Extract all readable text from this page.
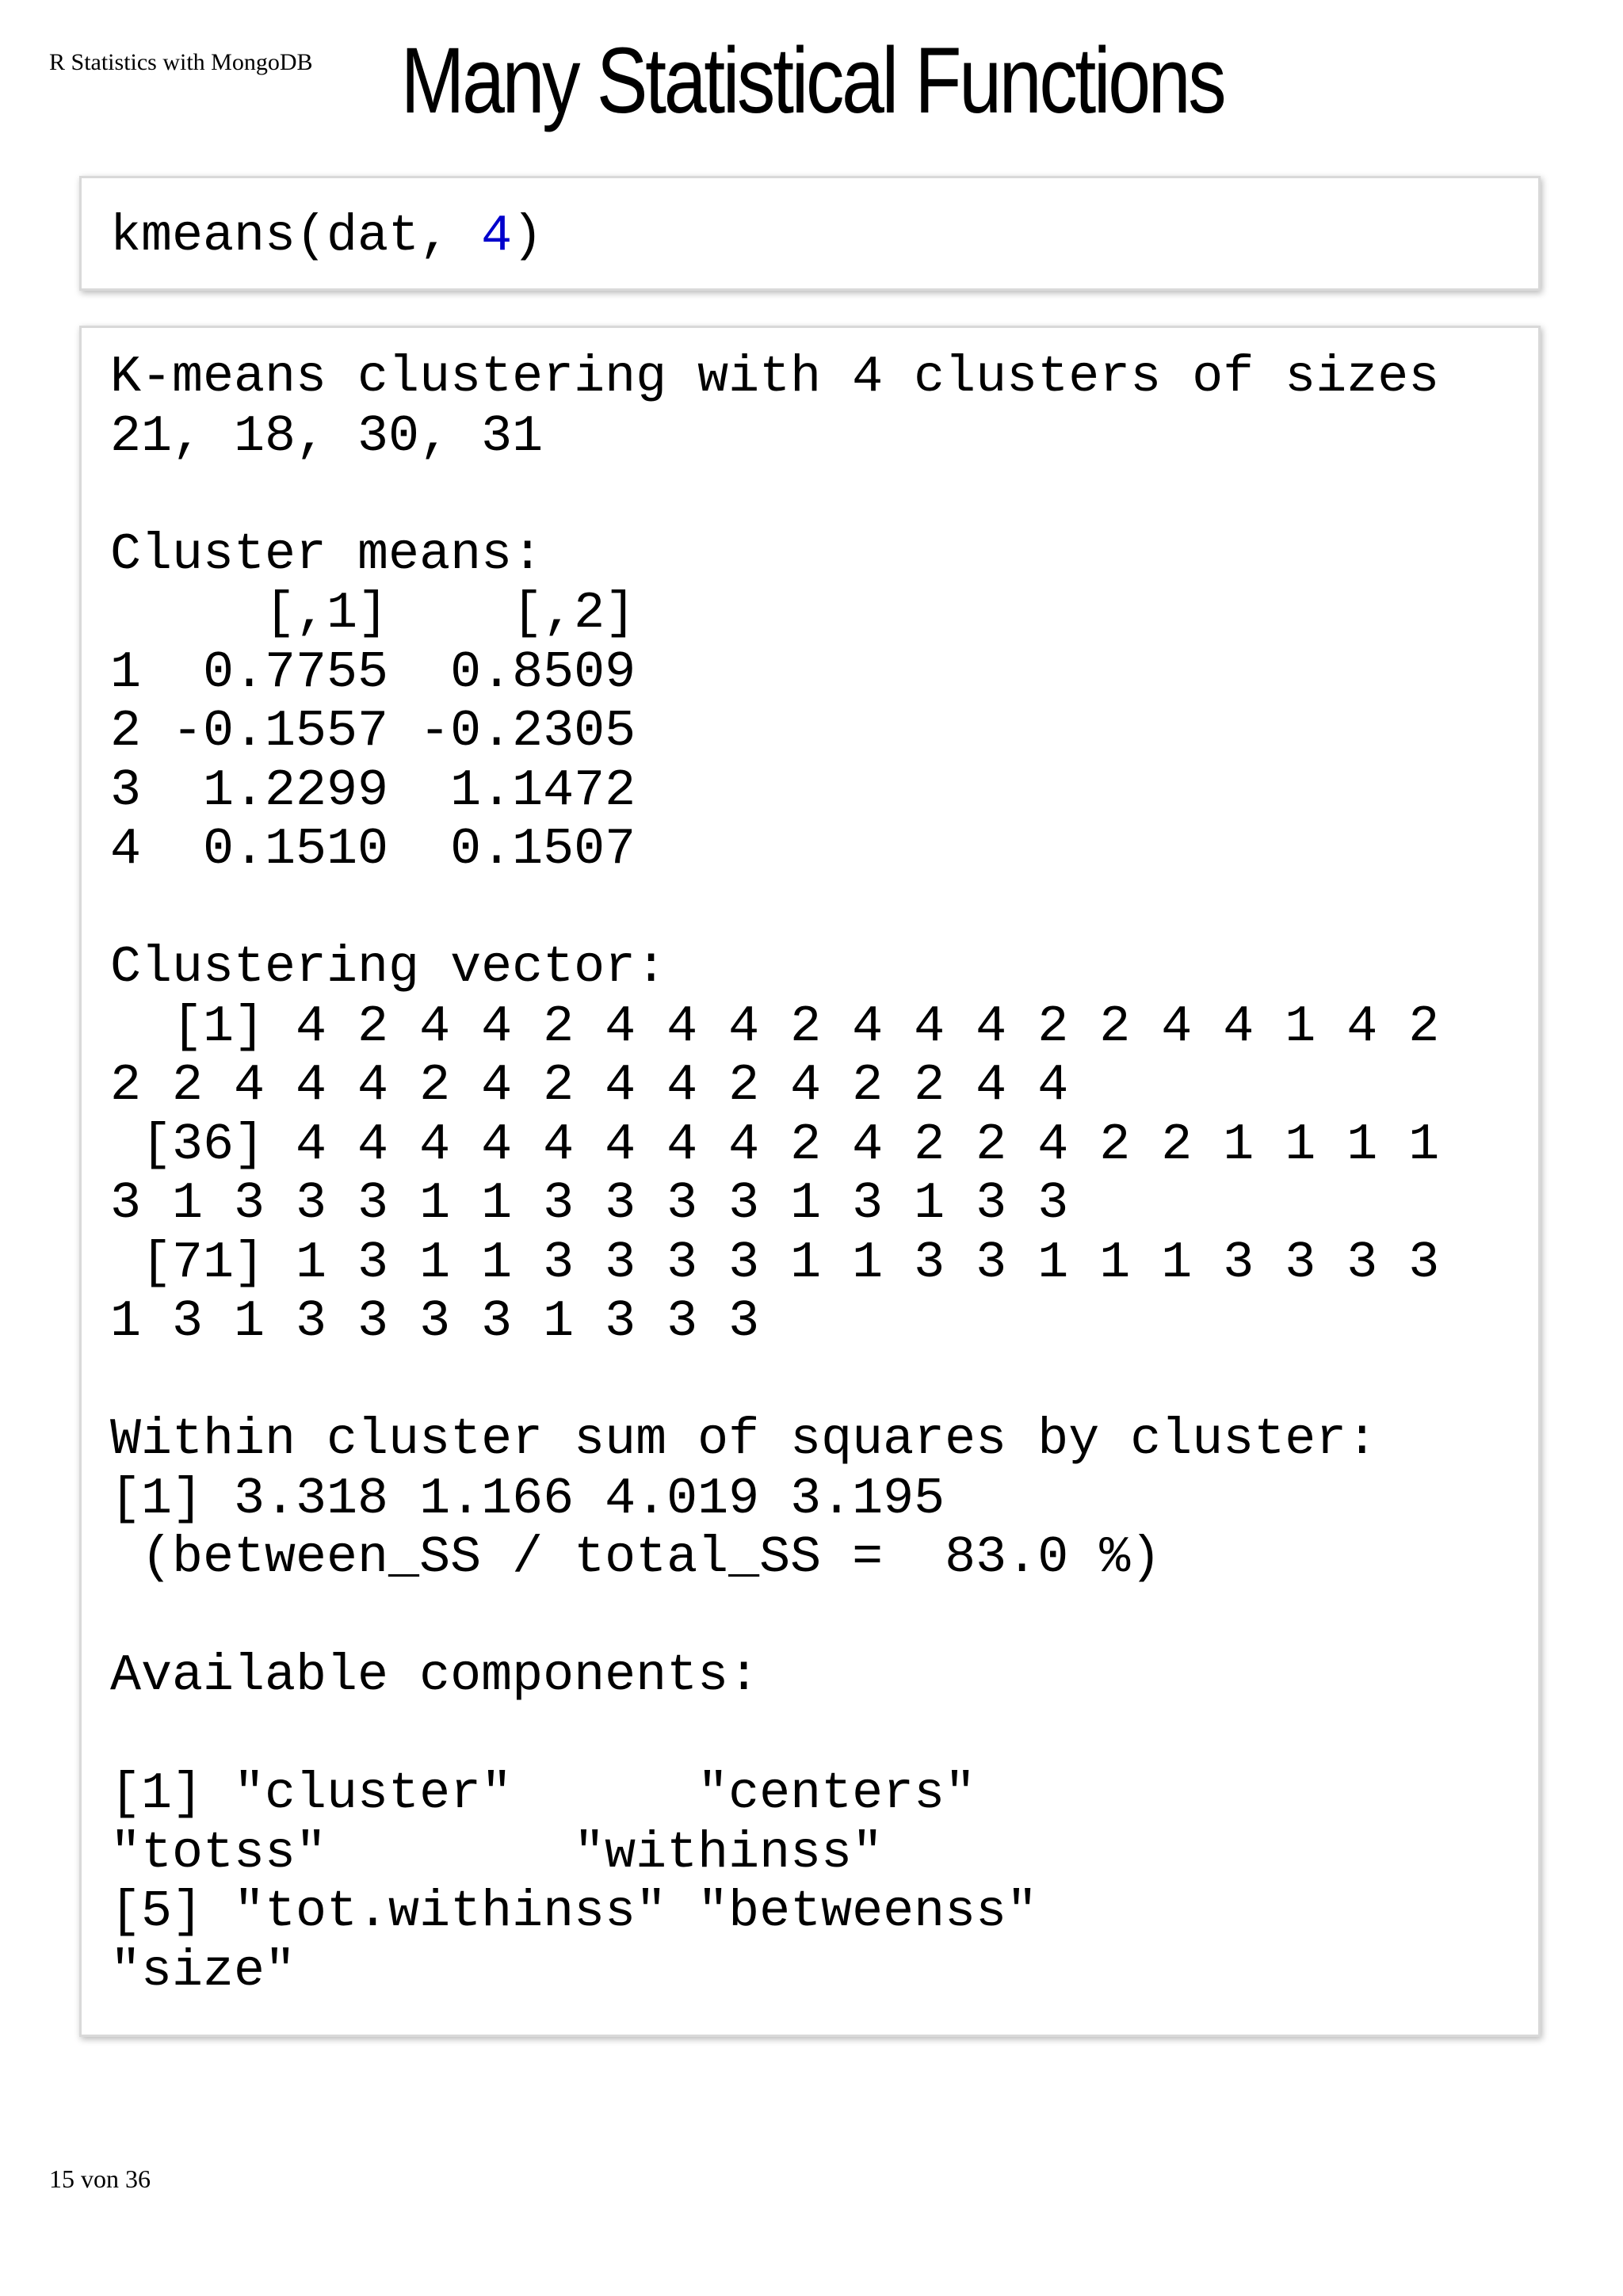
R Statistics with MongoDB Many Statistical Functions
kmeans(dat, 4)
K-means clustering with 4 clusters of sizes
21, 18, 30, 31
Cluster means:
[,1]    [,2]
1  0.7755  0.8509
2 -0.1557 -0.2305
3  1.2299  1.1472
4  0.1510  0.1507
Clustering vector:
[1] 4 2 4 4 2 4 4 4 2 4 4 4 2 2 4 4 1 4 2
2 2 4 4 4 2 4 2 4 4 2 4 2 2 4 4
[36] 4 4 4 4 4 4 4 4 2 4 2 2 4 2 2 1 1 1 1
3 1 3 3 3 1 1 3 3 3 3 1 3 1 3 3
[71] 1 3 1 1 3 3 3 3 1 1 3 3 1 1 1 3 3 3 3
1 3 1 3 3 3 3 1 3 3 3
Within cluster sum of squares by cluster:
[1] 3.318 1.166 4.019 3.195
(between_SS / total_SS =  83.0 %)
Available components:
[1] "cluster"      "centers"
"totss"        "withinss"
[5] "tot.withinss" "betweenss"
"size"
15 von 36
